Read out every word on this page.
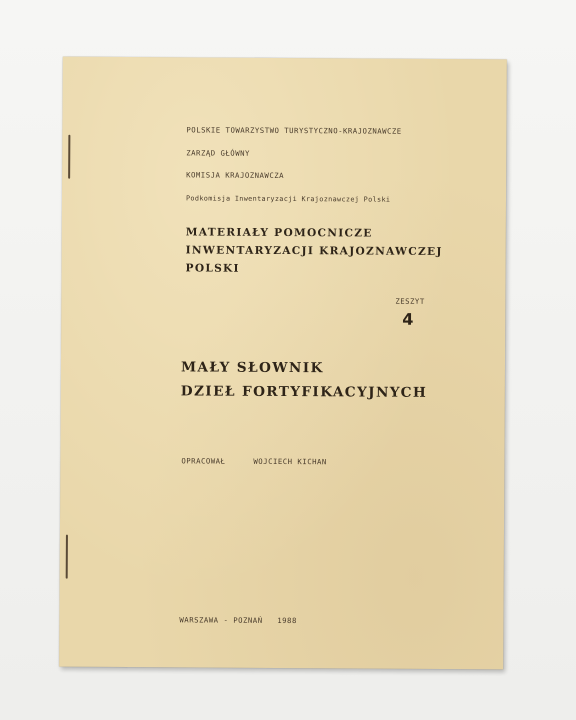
POLSKIE TOWARZYSTWO TURYSTYCZNO-KRAJOZNAWCZE
ZARZĄD GŁÓWNY
KOMISJA KRAJOZNAWCZA
Podkomisja Inwentaryzacji Krajoznawczej Polski
MATERIAŁY POMOCNICZE
INWENTARYZACJI KRAJOZNAWCZEJ
POLSKI
ZESZYT
4
MAŁY SŁOWNIK
DZIEŁ FORTYFIKACYJNYCH
OPRACOWAŁ	WOJCIECH KICHAN
WARSZAWA - POZNAŃ   1988
